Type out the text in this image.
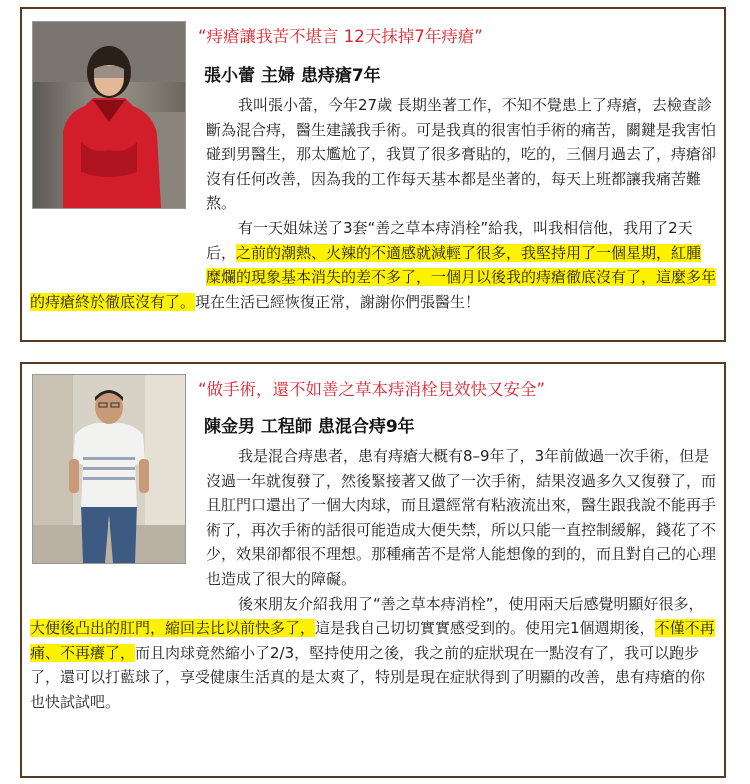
“痔瘡讓我苦不堪言 12天抹掉7年痔瘡”
張小蕾 主婦 患痔瘡7年

我叫張小蕾，今年27歲 長期坐著工作，不知不覺患上了痔瘡，去檢查診斷為混合痔，醫生建議我手術。可是我真的很害怕手術的痛苦，關鍵是我害怕碰到男醫生，那太尷尬了，我買了很多膏貼的，吃的，三個月過去了，痔瘡卻沒有任何改善，因為我的工作每天基本都是坐著的，每天上班都讓我痛苦難熬。

有一天姐妹送了3套“善之草本痔消栓”給我，叫我相信他，我用了2天后，之前的潮熱、火辣的不適感就減輕了很多，我堅持用了一個星期，紅腫糜爛的現象基本消失的差不多了，一個月以後我的痔瘡徹底沒有了，這麼多年的痔瘡終於徹底沒有了。現在生活已經恢復正常，謝謝你們張醫生！

“做手術，還不如善之草本痔消栓見效快又安全”
陳金男 工程師 患混合痔9年

我是混合痔患者，患有痔瘡大概有8–9年了，3年前做過一次手術，但是沒過一年就復發了，然後緊接著又做了一次手術，結果沒過多久又復發了，而且肛門口還出了一個大肉球，而且還經常有粘液流出來，醫生跟我說不能再手術了，再次手術的話很可能造成大便失禁，所以只能一直控制緩解，錢花了不少，效果卻都很不理想。那種痛苦不是常人能想像的到的，而且對自己的心理也造成了很大的障礙。

後來朋友介紹我用了“善之草本痔消栓”，使用兩天后感覺明顯好很多，大便後凸出的肛門，縮回去比以前快多了，這是我自己切切實實感受到的。使用完1個週期後，不僅不再痛、不再癢了，而且肉球竟然縮小了2/3，堅持使用之後，我之前的症狀現在一點沒有了，我可以跑步了，還可以打藍球了，享受健康生活真的是太爽了，特別是現在症狀得到了明顯的改善，患有痔瘡的你也快試試吧。
